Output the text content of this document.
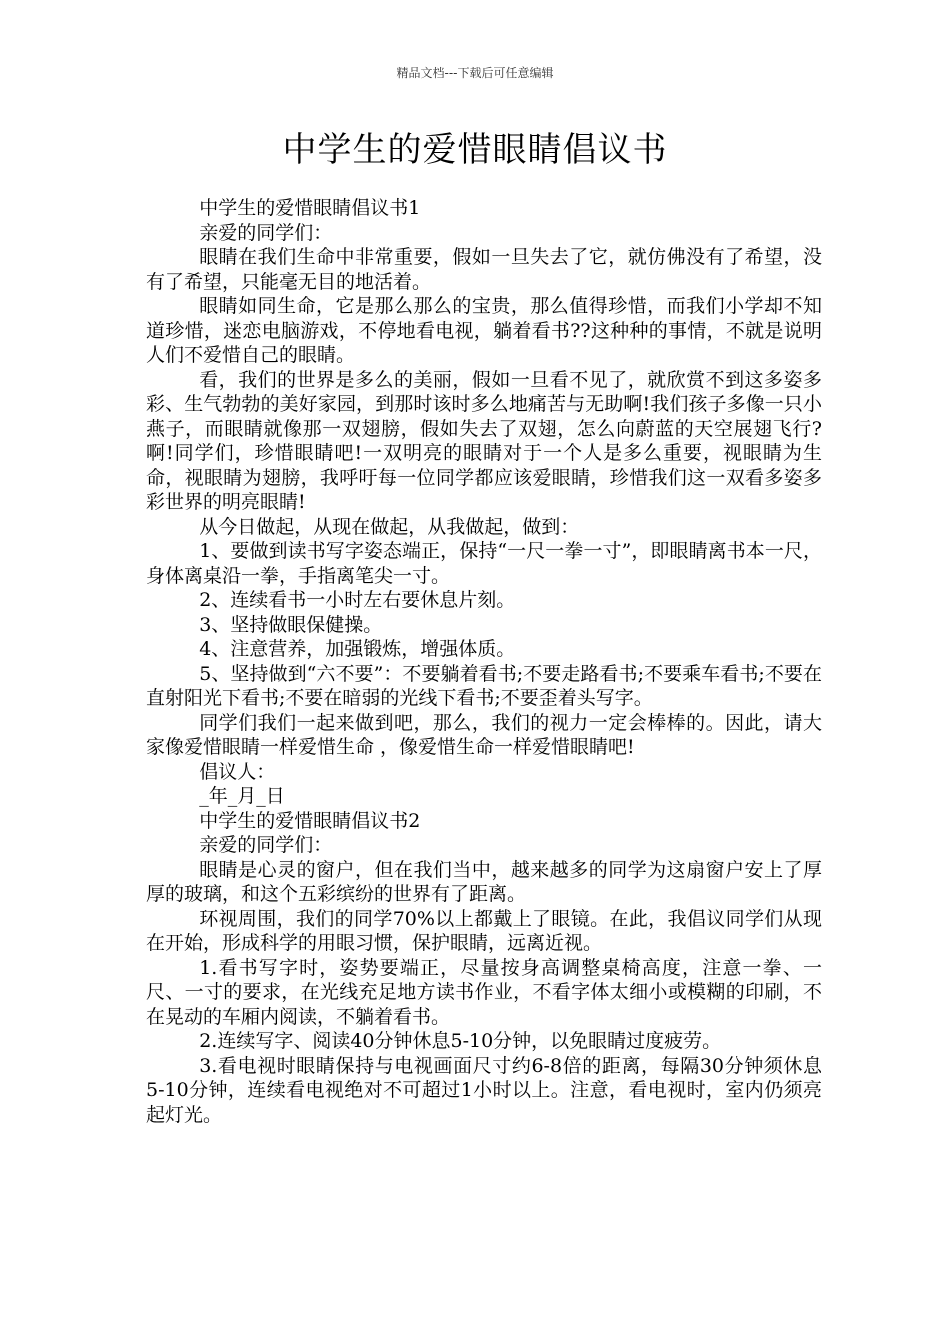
精品文档---下载后可任意编辑
中学生的爱惜眼睛倡议书

中学生的爱惜眼睛倡议书1

亲爱的同学们：

眼睛在我们生命中非常重要，假如一旦失去了它，就仿佛没有了希望，没有了希望，只能毫无目的地活着。

眼睛如同生命，它是那么那么的宝贵，那么值得珍惜，而我们小学却不知道珍惜，迷恋电脑游戏，不停地看电视，躺着看书??这种种的事情，不就是说明人们不爱惜自己的眼睛。

看，我们的世界是多么的美丽，假如一旦看不见了，就欣赏不到这多姿多彩、生气勃勃的美好家园，到那时该时多么地痛苦与无助啊!我们孩子多像一只小燕子，而眼睛就像那一双翅膀，假如失去了双翅，怎么向蔚蓝的天空展翅飞行?啊!同学们，珍惜眼睛吧!一双明亮的眼睛对于一个人是多么重要，视眼睛为生命，视眼睛为翅膀，我呼吁每一位同学都应该爱眼睛，珍惜我们这一双看多姿多彩世界的明亮眼睛!

从今日做起，从现在做起，从我做起，做到：

1、要做到读书写字姿态端正，保持“一尺一拳一寸”，即眼睛离书本一尺，身体离桌沿一拳，手指离笔尖一寸。

2、连续看书一小时左右要休息片刻。

3、坚持做眼保健操。

4、注意营养，加强锻炼，增强体质。

5、坚持做到“六不要”：不要躺着看书;不要走路看书;不要乘车看书;不要在直射阳光下看书;不要在暗弱的光线下看书;不要歪着头写字。

同学们我们一起来做到吧，那么，我们的视力一定会棒棒的。因此，请大家像爱惜眼睛一样爱惜生命 ，像爱惜生命一样爱惜眼睛吧!

倡议人：

_年_月_日

中学生的爱惜眼睛倡议书2

亲爱的同学们：

眼睛是心灵的窗户，但在我们当中，越来越多的同学为这扇窗户安上了厚厚的玻璃，和这个五彩缤纷的世界有了距离。

环视周围，我们的同学70%以上都戴上了眼镜。在此，我倡议同学们从现在开始，形成科学的用眼习惯，保护眼睛，远离近视。

1.看书写字时，姿势要端正，尽量按身高调整桌椅高度，注意一拳、一尺、一寸的要求，在光线充足地方读书作业，不看字体太细小或模糊的印刷，不在晃动的车厢内阅读，不躺着看书。

2.连续写字、阅读40分钟休息5-10分钟，以免眼睛过度疲劳。

3.看电视时眼睛保持与电视画面尺寸约6-8倍的距离，每隔30分钟须休息5-10分钟，连续看电视绝对不可超过1小时以上。注意，看电视时，室内仍须亮起灯光。
